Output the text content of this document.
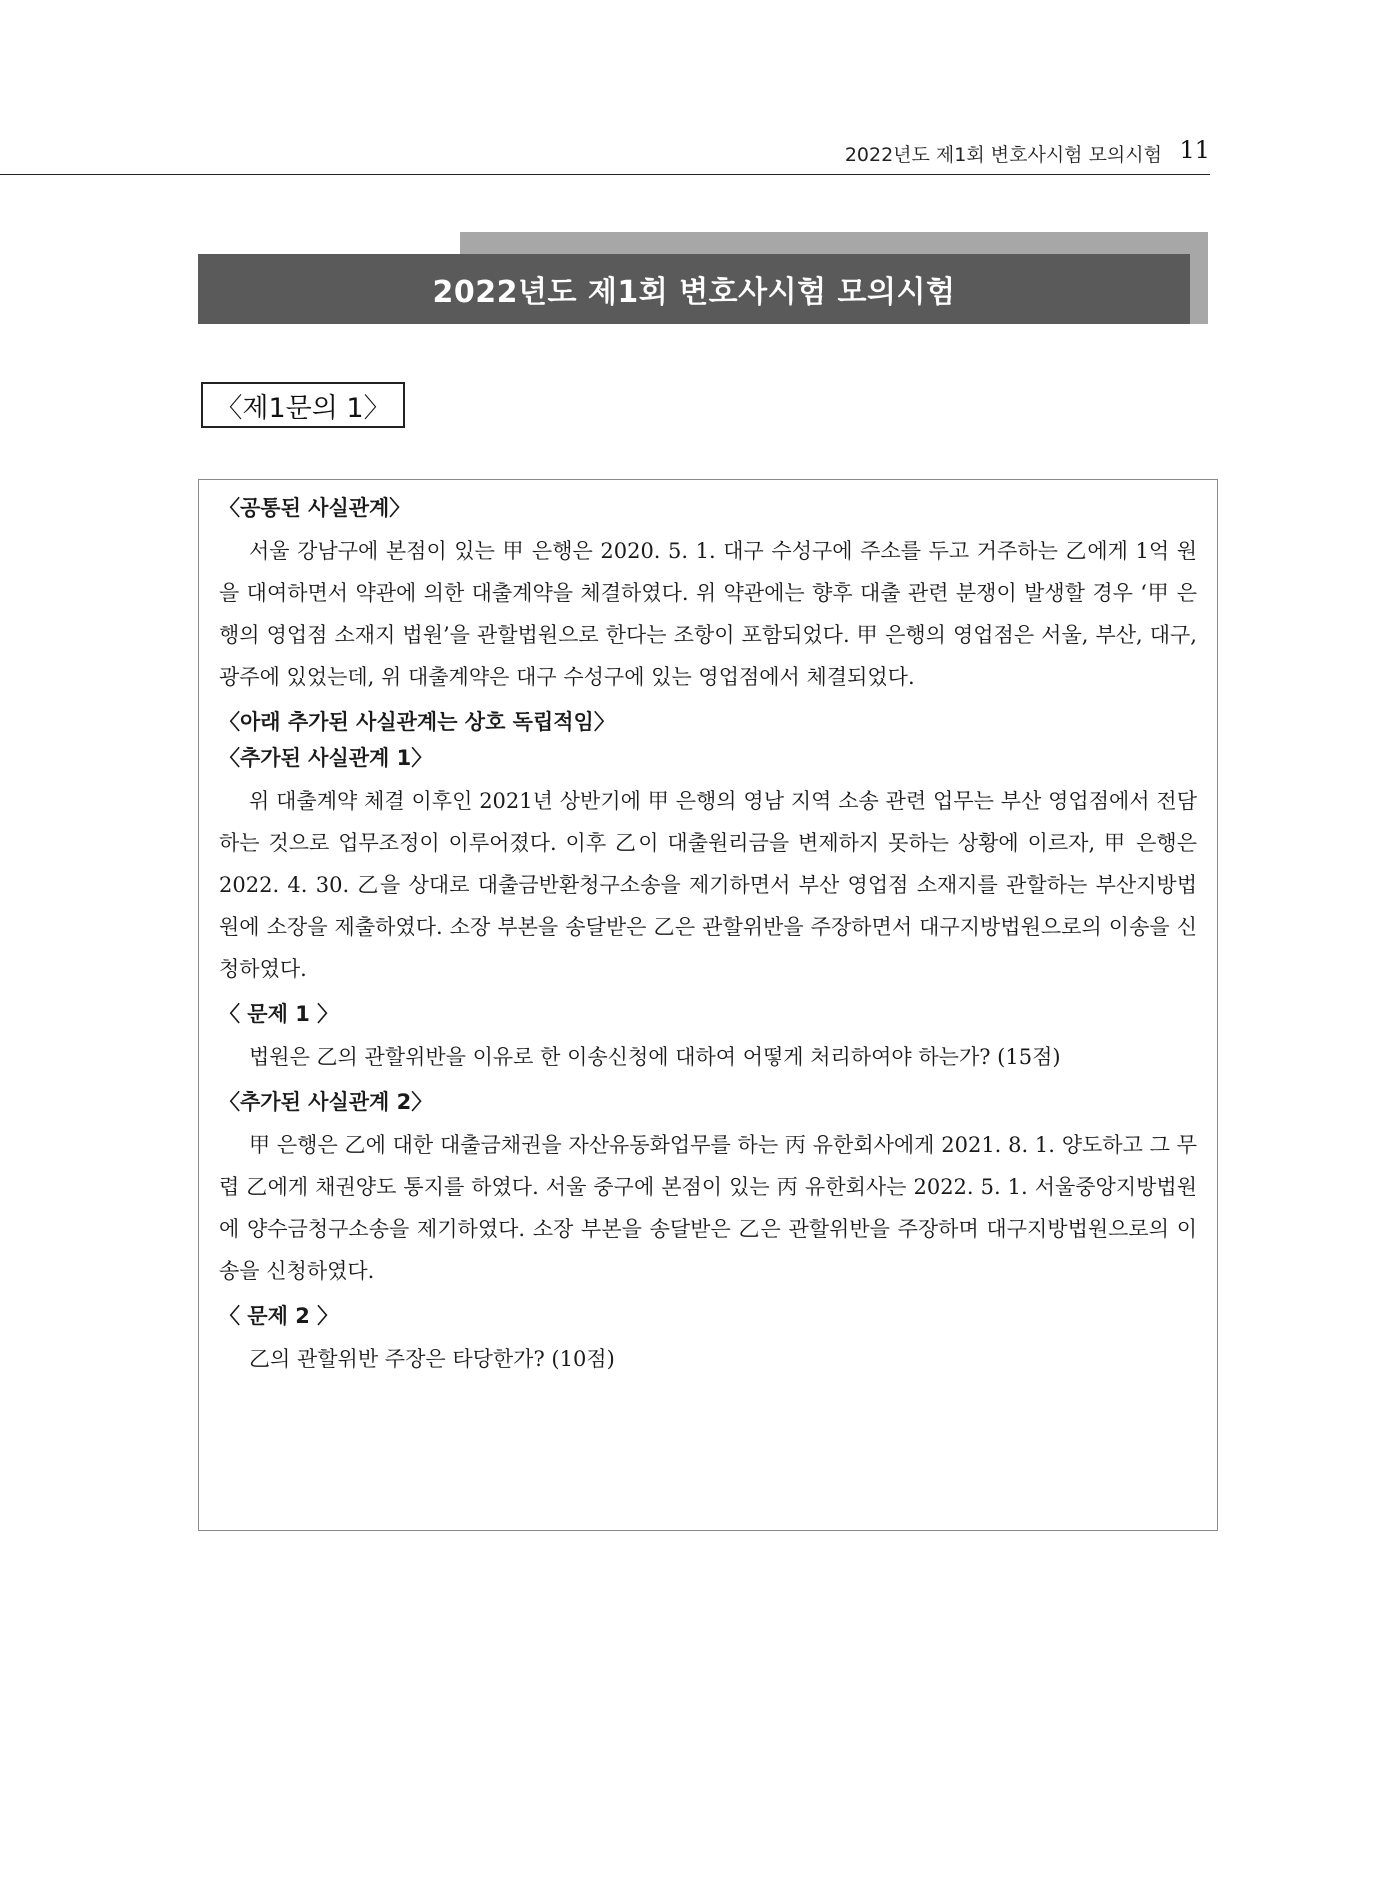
2022년도 제1회 변호사시험 모의시험 11
2022년도 제1회 변호사시험 모의시험
〈제1문의 1〉
〈공통된 사실관계〉

서울 강남구에 본점이 있는 甲 은행은 2020. 5. 1. 대구 수성구에 주소를 두고 거주하는 乙에게 1억 원을 대여하면서 약관에 의한 대출계약을 체결하였다. 위 약관에는 향후 대출 관련 분쟁이 발생할 경우 ‘甲 은행의 영업점 소재지 법원’을 관할법원으로 한다는 조항이 포함되었다. 甲 은행의 영업점은 서울, 부산, 대구, 광주에 있었는데, 위 대출계약은 대구 수성구에 있는 영업점에서 체결되었다.

〈아래 추가된 사실관계는 상호 독립적임〉
〈추가된 사실관계 1〉

위 대출계약 체결 이후인 2021년 상반기에 甲 은행의 영남 지역 소송 관련 업무는 부산 영업점에서 전담하는 것으로 업무조정이 이루어졌다. 이후 乙이 대출원리금을 변제하지 못하는 상황에 이르자, 甲 은행은 2022. 4. 30. 乙을 상대로 대출금반환청구소송을 제기하면서 부산 영업점 소재지를 관할하는 부산지방법원에 소장을 제출하였다. 소장 부본을 송달받은 乙은 관할위반을 주장하면서 대구지방법원으로의 이송을 신청하였다.

〈 문제 1 〉

법원은 乙의 관할위반을 이유로 한 이송신청에 대하여 어떻게 처리하여야 하는가? (15점)

〈추가된 사실관계 2〉

甲 은행은 乙에 대한 대출금채권을 자산유동화업무를 하는 丙 유한회사에게 2021. 8. 1. 양도하고 그 무렵 乙에게 채권양도 통지를 하였다. 서울 중구에 본점이 있는 丙 유한회사는 2022. 5. 1. 서울중앙지방법원에 양수금청구소송을 제기하였다. 소장 부본을 송달받은 乙은 관할위반을 주장하며 대구지방법원으로의 이송을 신청하였다.

〈 문제 2 〉

乙의 관할위반 주장은 타당한가? (10점)
